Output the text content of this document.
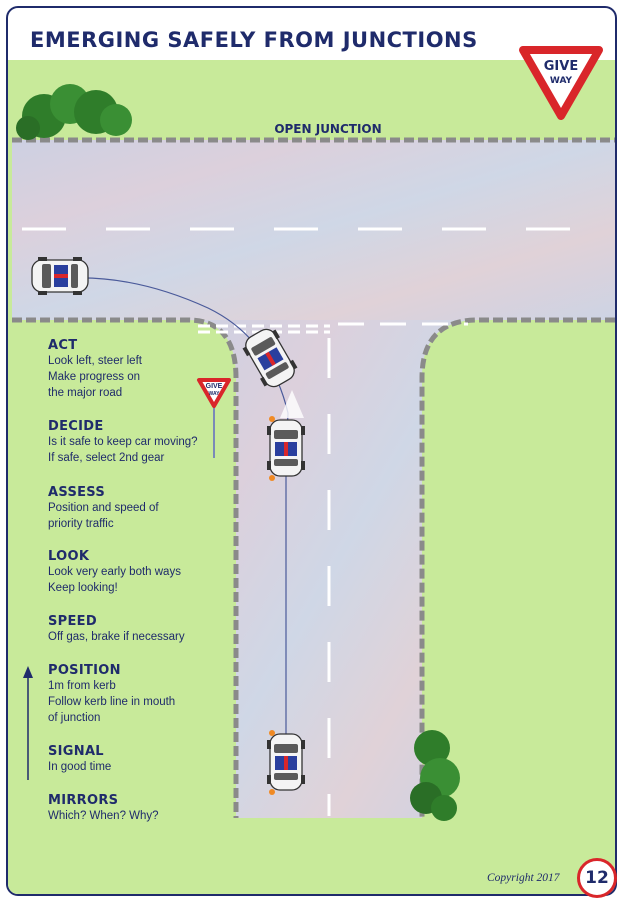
GIVE
WAY
GIVE
WAY
OPEN JUNCTION
EMERGING SAFELY FROM JUNCTIONS
ACT
Look left, steer left
Make progress on
the major road
DECIDE
Is it safe to keep car moving?
If safe, select 2nd gear
ASSESS
Position and speed of
priority traffic
LOOK
Look very early both ways
Keep looking!
SPEED
Off gas, brake if necessary
POSITION
1m from kerb
Follow kerb line in mouth
of junction
SIGNAL
In good time
MIRRORS
Which? When? Why?
Copyright 2017	12
